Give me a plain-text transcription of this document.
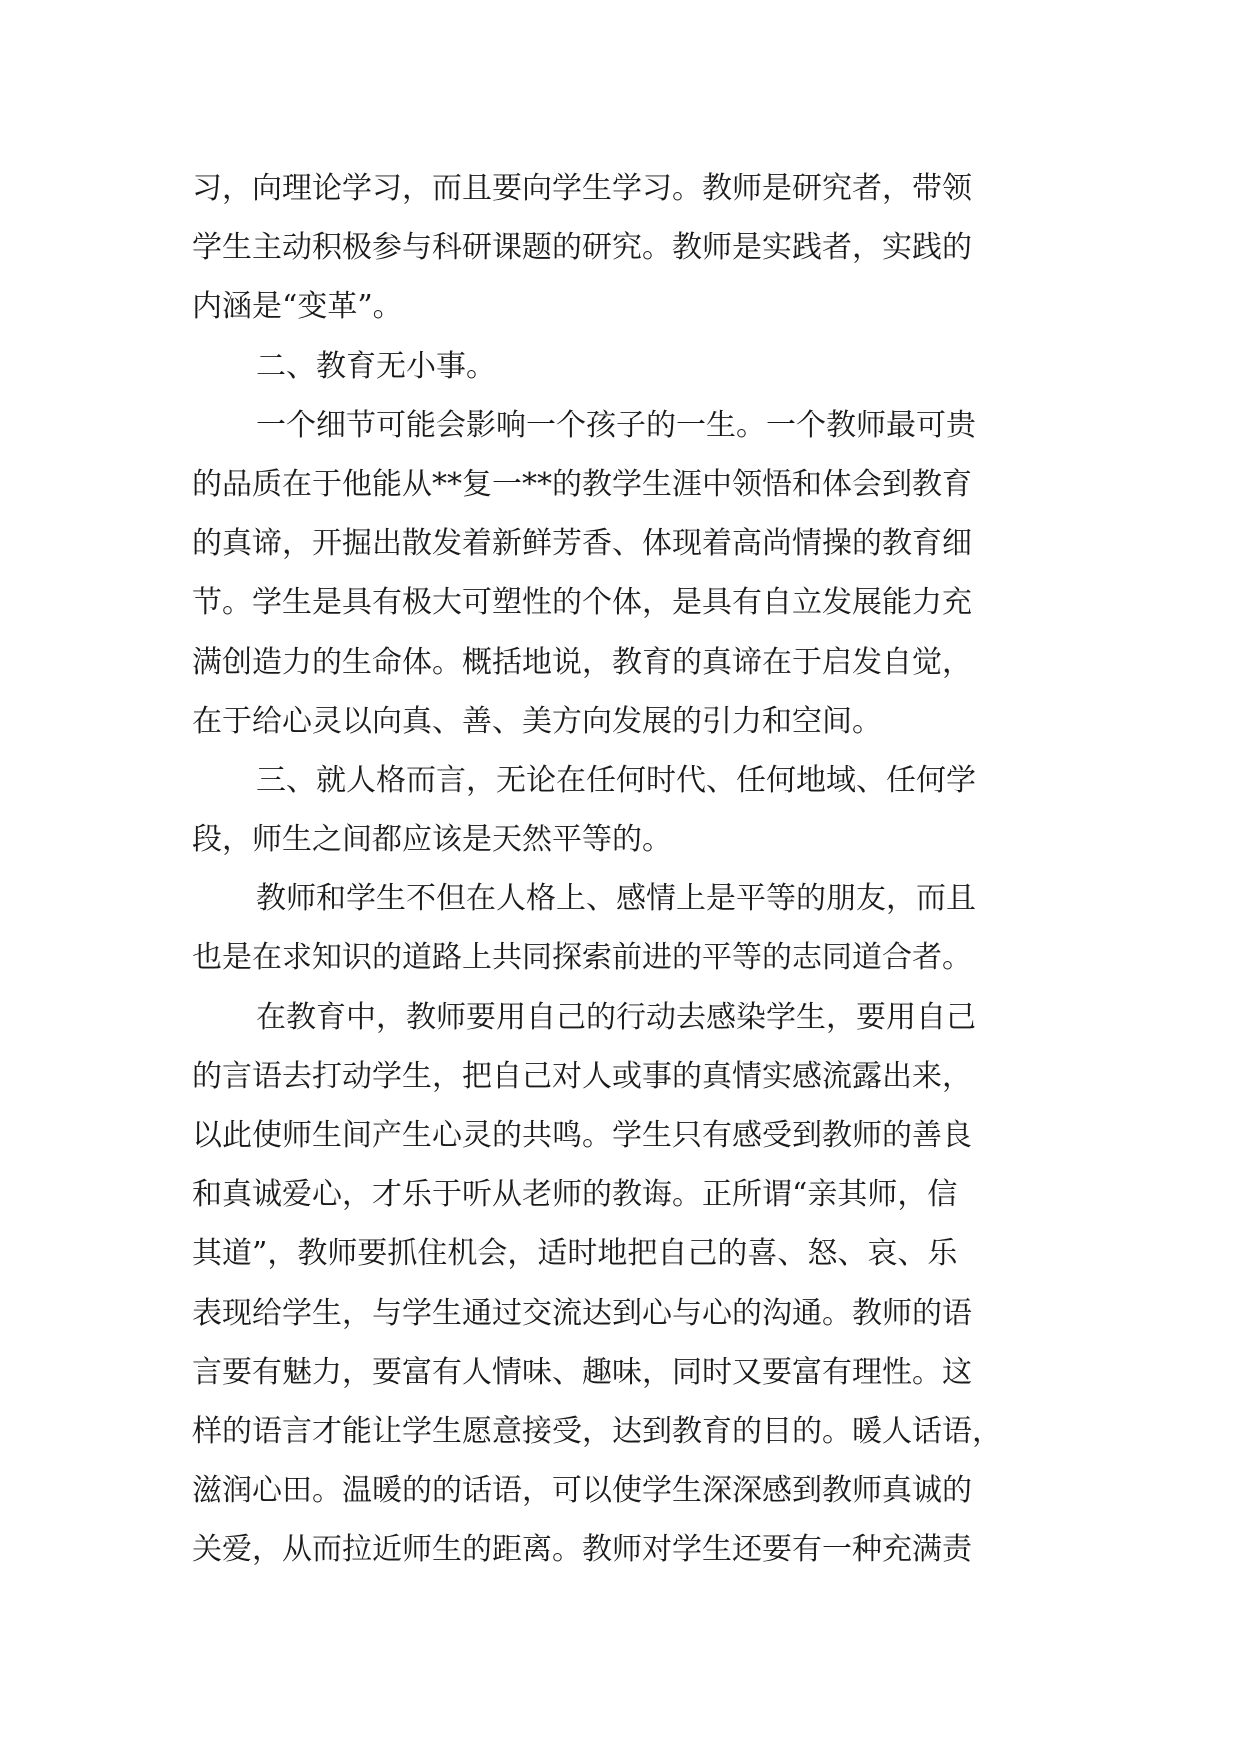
习，向理论学习，而且要向学生学习。教师是研究者，带领
学生主动积极参与科研课题的研究。教师是实践者，实践的
内涵是“变革”。
二、教育无小事。
一个细节可能会影响一个孩子的一生。一个教师最可贵
的品质在于他能从**复一**的教学生涯中领悟和体会到教育
的真谛，开掘出散发着新鲜芳香、体现着高尚情操的教育细
节。学生是具有极大可塑性的个体，是具有自立发展能力充
满创造力的生命体。概括地说，教育的真谛在于启发自觉，
在于给心灵以向真、善、美方向发展的引力和空间。
三、就人格而言，无论在任何时代、任何地域、任何学
段，师生之间都应该是天然平等的。
教师和学生不但在人格上、感情上是平等的朋友，而且
也是在求知识的道路上共同探索前进的平等的志同道合者。
在教育中，教师要用自己的行动去感染学生，要用自己
的言语去打动学生，把自己对人或事的真情实感流露出来，
以此使师生间产生心灵的共鸣。学生只有感受到教师的善良
和真诚爱心，才乐于听从老师的教诲。正所谓“亲其师，信
其道”，教师要抓住机会，适时地把自己的喜、怒、哀、乐
表现给学生，与学生通过交流达到心与心的沟通。教师的语
言要有魅力，要富有人情味、趣味，同时又要富有理性。这
样的语言才能让学生愿意接受，达到教育的目的。暖人话语，
滋润心田。温暖的的话语，可以使学生深深感到教师真诚的
关爱，从而拉近师生的距离。教师对学生还要有一种充满责
